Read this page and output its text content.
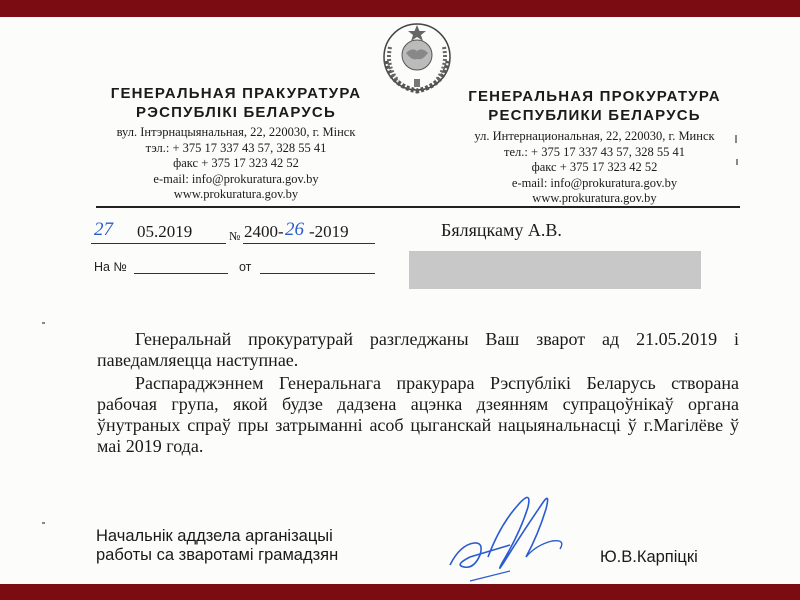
ГЕНЕРАЛЬНАЯ ПРАКУРАТУРА
РЭСПУБЛІКІ БЕЛАРУСЬ
вул. Інтэрнацыянальная, 22, 220030, г. Мінск
тэл.: + 375 17 337 43 57, 328 55 41
факс + 375 17 323 42 52
e-mail: info@prokuratura.gov.by
www.prokuratura.gov.by
ГЕНЕРАЛЬНАЯ ПРОКУРАТУРА
РЕСПУБЛИКИ БЕЛАРУСЬ
ул. Интернациональная, 22, 220030, г. Минск
тел.: + 375 17 337 43 57, 328 55 41
факс + 375 17 323 42 52
e-mail: info@prokuratura.gov.by
www.prokuratura.gov.by
27 05.2019	№ 2400- 26 -2019
На №	от
Бяляцкаму А.В.

Генеральнай прокуратурай разгледжаны Ваш зварот ад 21.05.2019 і паведамляецца наступнае.

Распараджэннем Генеральнага пракурара Рэспублікі Беларусь створана рабочая група, якой будзе дадзена ацэнка дзеянням супрацоўнікаў органа ўнутраных спраў пры затрыманні асоб цыганскай нацыянальнасці ў г.Магілёве ў маі 2019 года.

Начальнік аддзела арганізацыі
работы са зваротамі грамадзян	Ю.В.Карпіцкі
